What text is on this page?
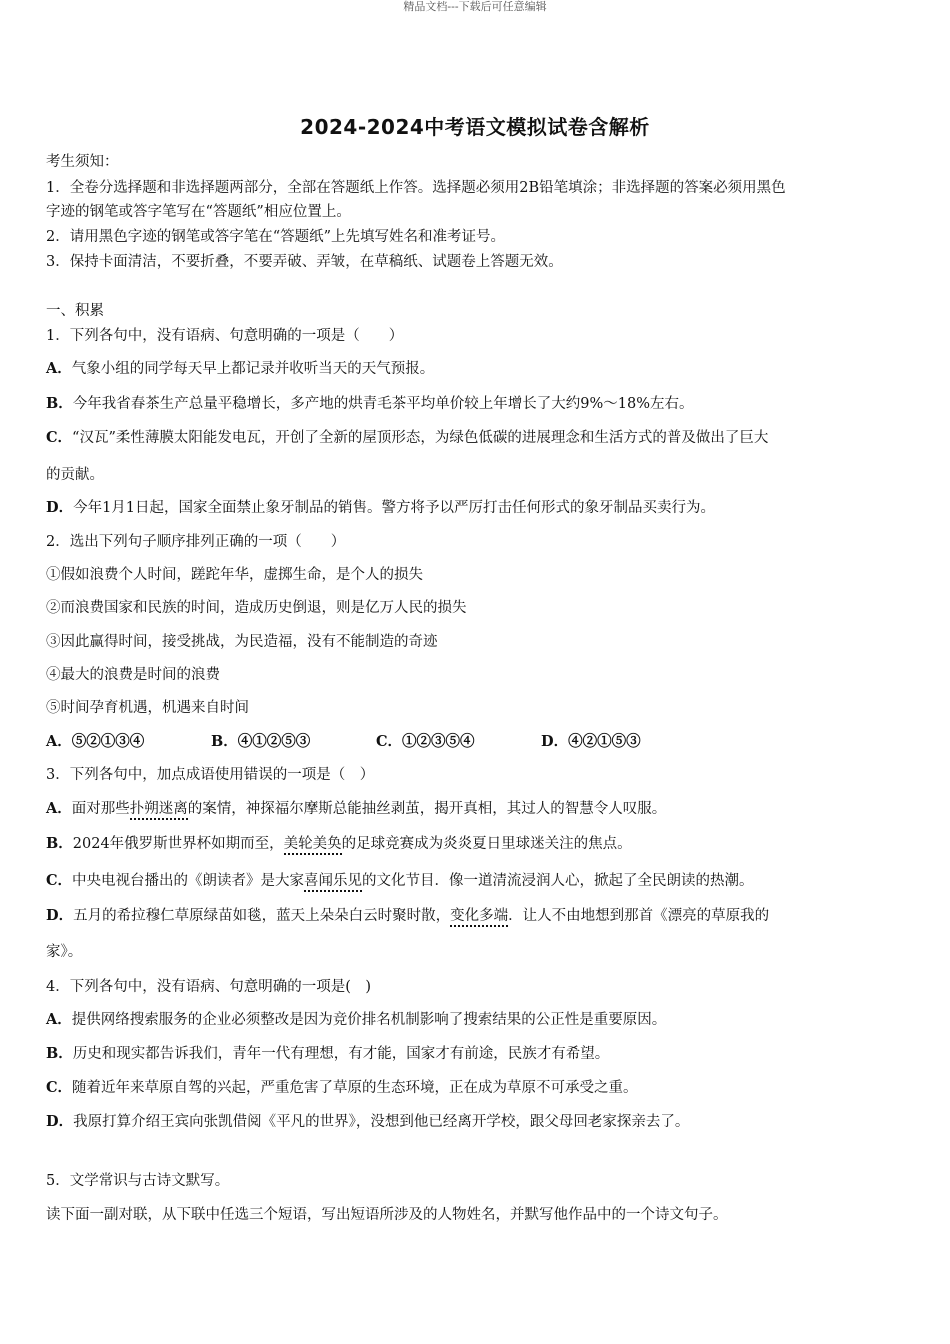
精品文档---下载后可任意编辑
2024-2024中考语文模拟试卷含解析
考生须知：
1．全卷分选择题和非选择题两部分，全部在答题纸上作答。选择题必须用2B铅笔填涂；非选择题的答案必须用黑色
字迹的钢笔或答字笔写在“答题纸”相应位置上。
2．请用黑色字迹的钢笔或答字笔在“答题纸”上先填写姓名和准考证号。
3．保持卡面清洁，不要折叠，不要弄破、弄皱，在草稿纸、试题卷上答题无效。
一、积累
1．下列各句中，没有语病、句意明确的一项是（　　）
A．气象小组的同学每天早上都记录并收听当天的天气预报。
B．今年我省春茶生产总量平稳增长，多产地的烘青毛茶平均单价较上年增长了大约9%～18%左右。
C．“汉瓦”柔性薄膜太阳能发电瓦，开创了全新的屋顶形态，为绿色低碳的进展理念和生活方式的普及做出了巨大
的贡献。
D．今年1月1日起，国家全面禁止象牙制品的销售。警方将予以严厉打击任何形式的象牙制品买卖行为。
2．选出下列句子顺序排列正确的一项（　　）
①假如浪费个人时间，蹉跎年华，虚掷生命，是个人的损失
②而浪费国家和民族的时间，造成历史倒退，则是亿万人民的损失
③因此赢得时间，接受挑战，为民造福，没有不能制造的奇迹
④最大的浪费是时间的浪费
⑤时间孕育机遇，机遇来自时间
A．⑤②①③④	B．④①②⑤③	C．①②③⑤④	D．④②①⑤③
3．下列各句中，加点成语使用错误的一项是（　）
A．面对那些扑朔迷离的案情，神探福尔摩斯总能抽丝剥茧，揭开真相，其过人的智慧令人叹服。
B．2024年俄罗斯世界杯如期而至，美轮美奂的足球竞赛成为炎炎夏日里球迷关注的焦点。
C．中央电视台播出的《朗读者》是大家喜闻乐见的文化节目．像一道清流浸润人心，掀起了全民朗读的热潮。
D．五月的希拉穆仁草原绿苗如毯，蓝天上朵朵白云时聚时散，变化多端．让人不由地想到那首《漂亮的草原我的
家》。
4．下列各句中，没有语病、句意明确的一项是(　)
A．提供网络搜索服务的企业必须整改是因为竞价排名机制影响了搜索结果的公正性是重要原因。
B．历史和现实都告诉我们，青年一代有理想，有才能，国家才有前途，民族才有希望。
C．随着近年来草原自驾的兴起，严重危害了草原的生态环境，正在成为草原不可承受之重。
D．我原打算介绍王宾向张凯借阅《平凡的世界》，没想到他已经离开学校，跟父母回老家探亲去了。
5．文学常识与古诗文默写。
读下面一副对联，从下联中任选三个短语，写出短语所涉及的人物姓名，并默写他作品中的一个诗文句子。
